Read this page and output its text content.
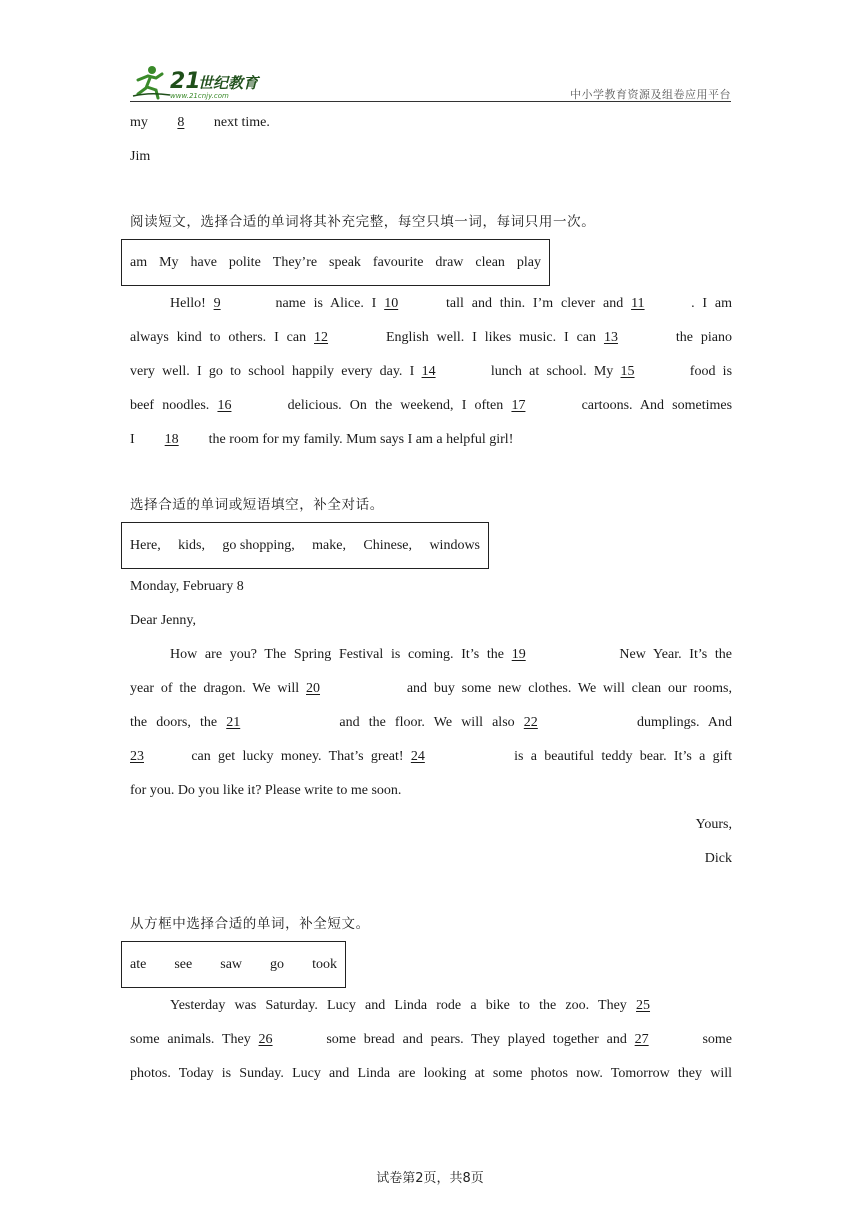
21
世纪教育
www.21cnjy.com	中小学教育资源及组卷应用平台
my 8 next time.
Jim
阅读短文，选择合适的单词将其补充完整，每空只填一词，每词只用一次。
am My have polite They’re speak favourite draw clean play
Hello! 9	name is Alice. I 10	tall and thin. I’m clever and 11	. I am
always kind to others. I can 12	English well. I likes music. I can 13	the piano
very well. I go to school happily every day. I 14	lunch at school. My 15	food is
beef noodles. 16	delicious. On the weekend, I often 17	cartoons. And sometimes
I 18 the room for my family. Mum says I am a helpful girl!
选择合适的单词或短语填空，补全对话。
Here, kids, go shopping, make, Chinese, windows
Monday, February 8
Dear Jenny,
How are you? The Spring Festival is coming. It’s the 19	New Year. It’s the
year of the dragon. We will 20	and buy some new clothes. We will clean our rooms,
the doors, the 21	and the floor. We will also 22	dumplings. And
23	can get lucky money. That’s great! 24	is a beautiful teddy bear. It’s a gift
for you. Do you like it? Please write to me soon.
Yours,
Dick
从方框中选择合适的单词，补全短文。
ate see saw go took
Yesterday was Saturday. Lucy and Linda rode a bike to the zoo. They 25
some animals. They 26	some bread and pears. They played together and 27	some
photos. Today is Sunday. Lucy and Linda are looking at some photos now. Tomorrow they will
试卷第2页，共8页
